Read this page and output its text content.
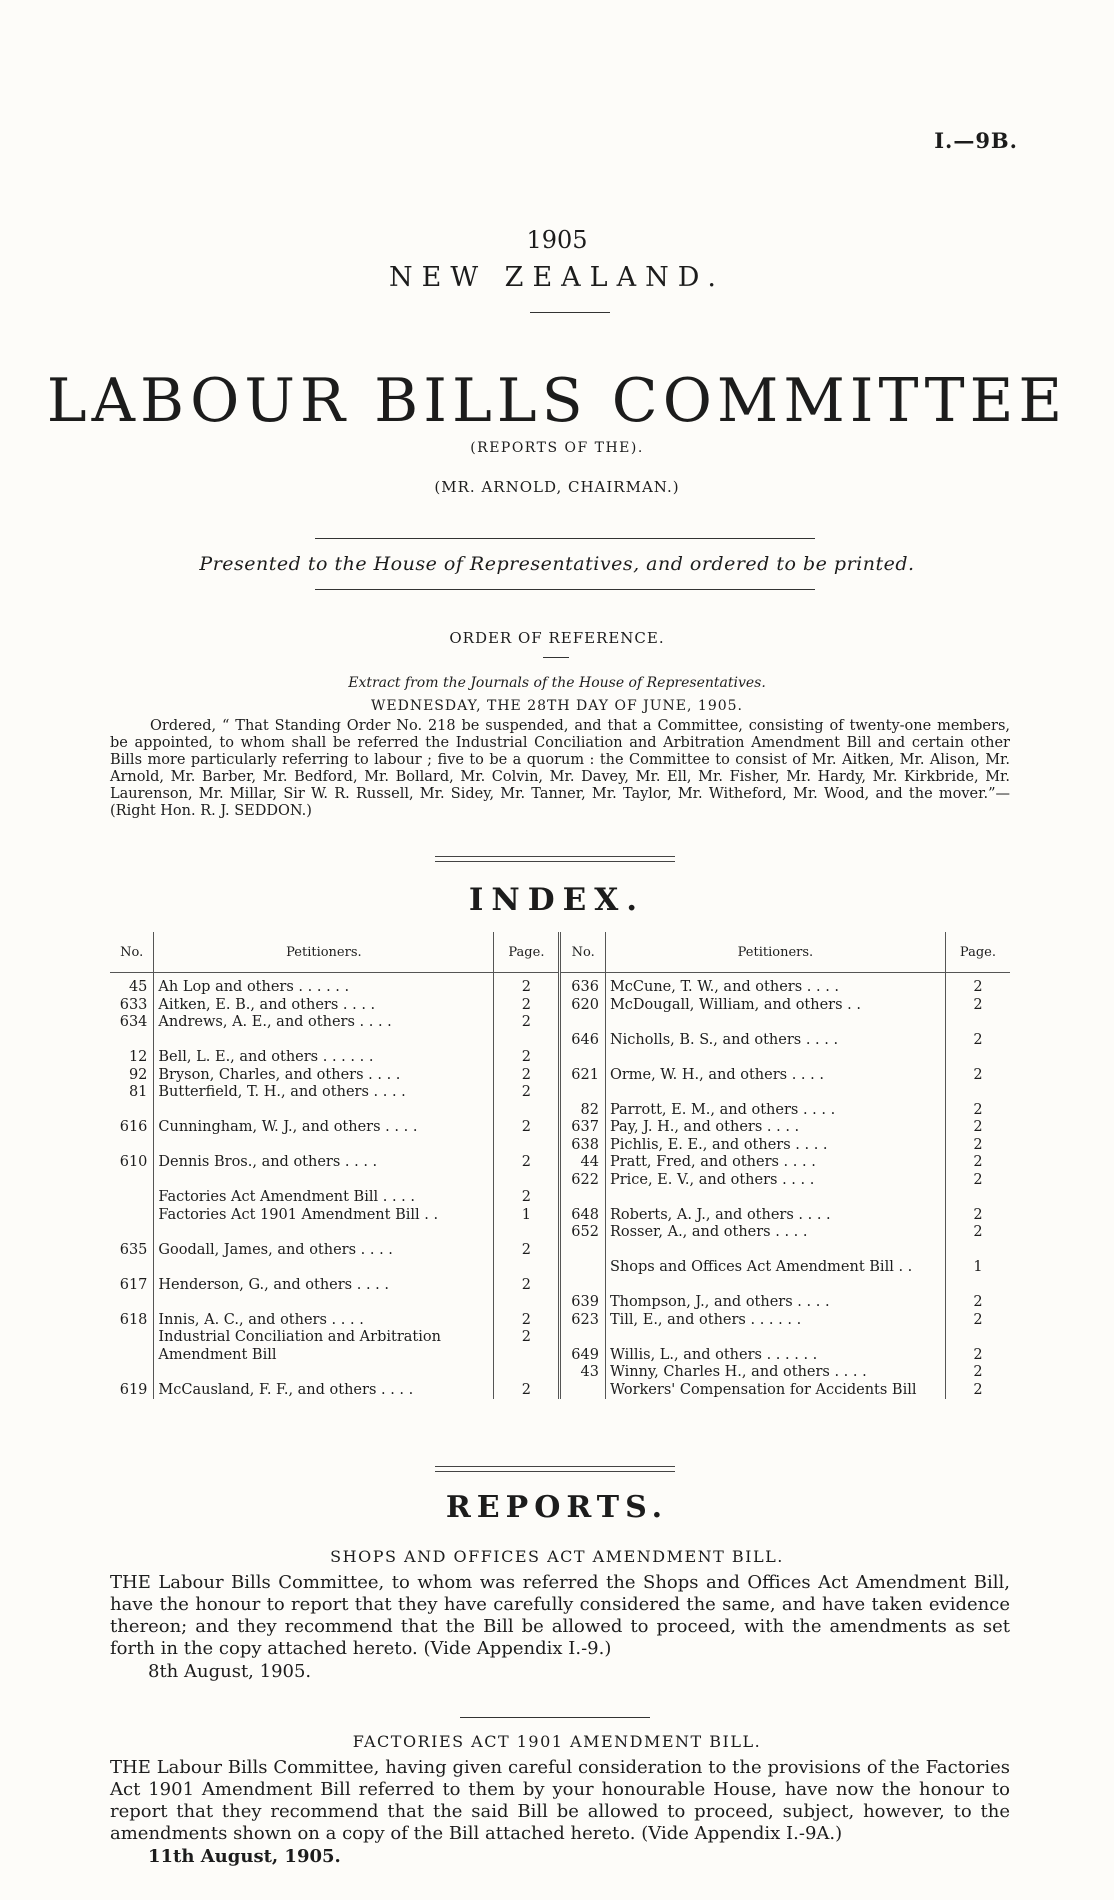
I.—9B.
1905
NEW ZEALAND.
LABOUR BILLS COMMITTEE
(REPORTS OF THE).
(MR. ARNOLD, CHAIRMAN.)
Presented to the House of Representatives, and ordered to be printed.
ORDER OF REFERENCE.
Extract from the Journals of the House of Representatives.
WEDNESDAY, THE 28TH DAY OF JUNE, 1905.

Ordered, “ That Standing Order No. 218 be suspended, and that a Committee, consisting of twenty-one members, be appointed, to whom shall be referred the Industrial Conciliation and Arbitration Amendment Bill and certain other Bills more particularly referring to labour ; five to be a quorum : the Committee to consist of Mr. Aitken, Mr. Alison, Mr. Arnold, Mr. Barber, Mr. Bedford, Mr. Bollard, Mr. Colvin, Mr. Davey, Mr. Ell, Mr. Fisher, Mr. Hardy, Mr. Kirkbride, Mr. Laurenson, Mr. Millar, Sir W. R. Russell, Mr. Sidey, Mr. Tanner, Mr. Taylor, Mr. Witheford, Mr. Wood, and the mover.”—(Right Hon. R. J. SEDDON.)

INDEX.
No.	Petitioners.	Page.	No.	Petitioners.	Page.
45	Ah Lop and others . . . . . .	2	636	McCune, T. W., and others . . . .	2
633	Aitken, E. B., and others . . . .	2	620	McDougall, William, and others . .	2
634	Andrews, A. E., and others . . . .	2			
			646	Nicholls, B. S., and others . . . .	2
12	Bell, L. E., and others . . . . . .	2			
92	Bryson, Charles, and others . . . .	2	621	Orme, W. H., and others . . . .	2
81	Butterfield, T. H., and others . . . .	2			
			82	Parrott, E. M., and others . . . .	2
616	Cunningham, W. J., and others . . . .	2	637	Pay, J. H., and others . . . .	2
			638	Pichlis, E. E., and others . . . .	2
610	Dennis Bros., and others . . . .	2	44	Pratt, Fred, and others . . . .	2
			622	Price, E. V., and others . . . .	2
	Factories Act Amendment Bill . . . .	2			
	Factories Act 1901 Amendment Bill . .	1	648	Roberts, A. J., and others . . . .	2
			652	Rosser, A., and others . . . .	2
635	Goodall, James, and others . . . .	2			
				Shops and Offices Act Amendment Bill . .	1
617	Henderson, G., and others . . . .	2			
			639	Thompson, J., and others . . . .	2
618	Innis, A. C., and others . . . .	2	623	Till, E., and others . . . . . .	2
	Industrial Conciliation and Arbitration	2			
	Amendment Bill		649	Willis, L., and others . . . . . .	2
			43	Winny, Charles H., and others . . . .	2
619	McCausland, F. F., and others . . . .	2		Workers' Compensation for Accidents Bill	2
REPORTS.
SHOPS AND OFFICES ACT AMENDMENT BILL.

THE Labour Bills Committee, to whom was referred the Shops and Offices Act Amendment Bill, have the honour to report that they have carefully considered the same, and have taken evidence thereon; and they recommend that the Bill be allowed to proceed, with the amendments as set forth in the copy attached hereto. (Vide Appendix I.-9.)

8th August, 1905.
FACTORIES ACT 1901 AMENDMENT BILL.

THE Labour Bills Committee, having given careful consideration to the provisions of the Factories Act 1901 Amendment Bill referred to them by your honourable House, have now the honour to report that they recommend that the said Bill be allowed to proceed, subject, however, to the amendments shown on a copy of the Bill attached hereto. (Vide Appendix I.-9A.)

11th August, 1905.
